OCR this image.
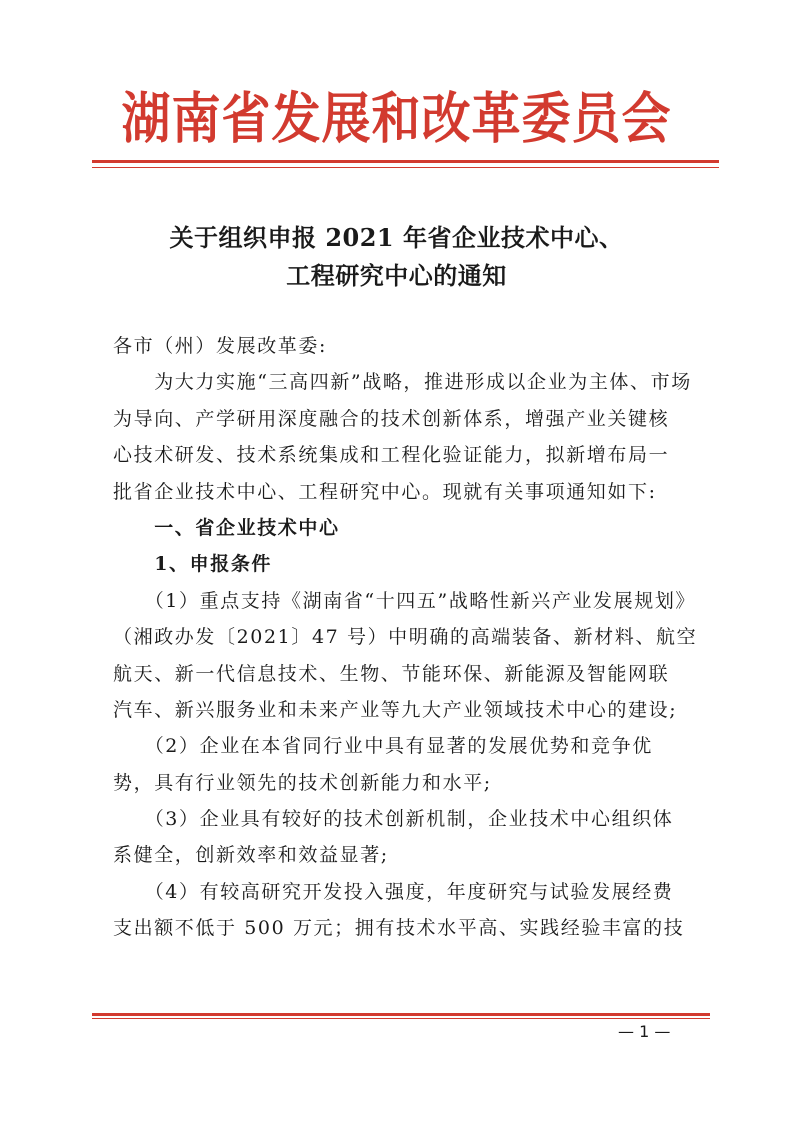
湖南省发展和改革委员会
关于组织申报 2021 年省企业技术中心、
工程研究中心的通知
各市（州）发展改革委:
　　为大力实施“三高四新”战略，推进形成以企业为主体、市场
为导向、产学研用深度融合的技术创新体系，增强产业关键核
心技术研发、技术系统集成和工程化验证能力，拟新增布局一
批省企业技术中心、工程研究中心。现就有关事项通知如下:
　　一、省企业技术中心
　　1、申报条件
　　（1）重点支持《湖南省“十四五”战略性新兴产业发展规划》
（湘政办发〔2021〕47 号）中明确的高端装备、新材料、航空
航天、新一代信息技术、生物、节能环保、新能源及智能网联
汽车、新兴服务业和未来产业等九大产业领域技术中心的建设;
　　（2）企业在本省同行业中具有显著的发展优势和竞争优
势，具有行业领先的技术创新能力和水平;
　　（3）企业具有较好的技术创新机制，企业技术中心组织体
系健全，创新效率和效益显著;
　　（4）有较高研究开发投入强度，年度研究与试验发展经费
支出额不低于 500 万元；拥有技术水平高、实践经验丰富的技
— 1 —
